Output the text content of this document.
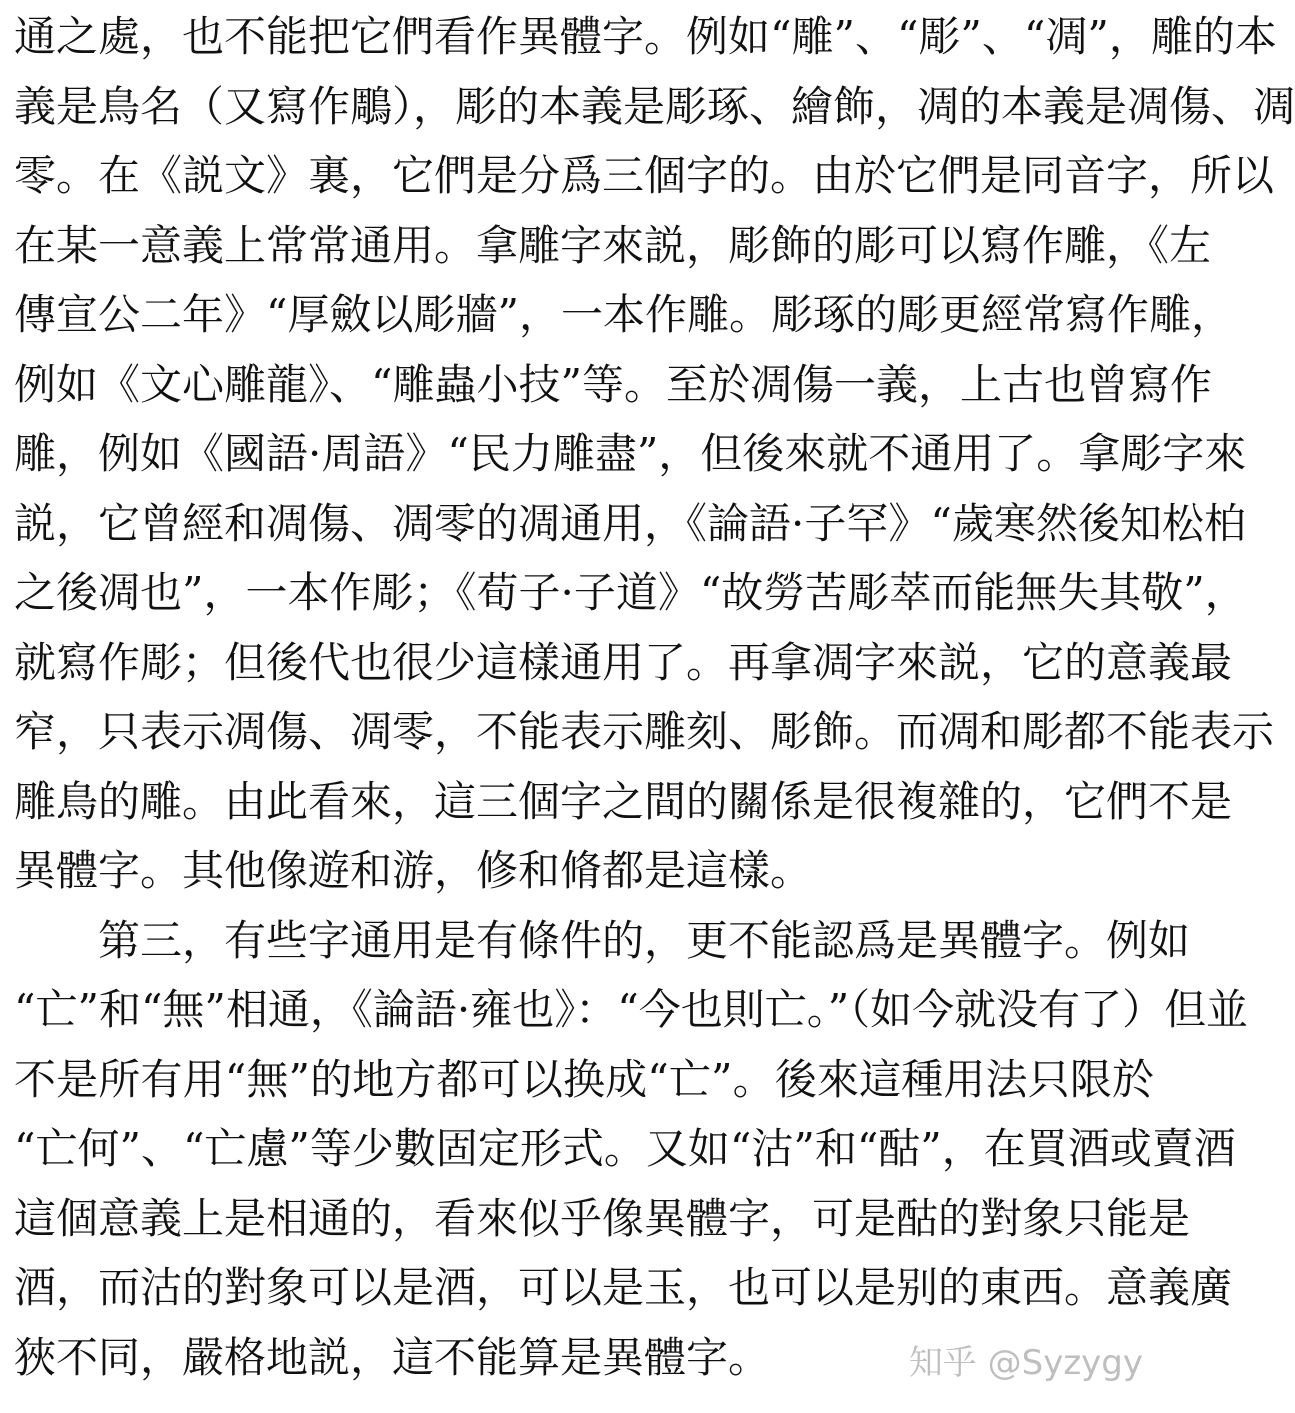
通之處，也不能把它們看作異體字。例如“雕”、“彫”、“凋”，雕的本
義是鳥名（又寫作鵰），彫的本義是彫琢、繪飾，凋的本義是凋傷、凋
零。在《説文》裏，它們是分爲三個字的。由於它們是同音字，所以
在某一意義上常常通用。拿雕字來説，彫飾的彫可以寫作雕，《左
傳宣公二年》“厚斂以彫牆”，一本作雕。彫琢的彫更經常寫作雕，
例如《文心雕龍》、“雕蟲小技”等。至於凋傷一義，上古也曾寫作
雕，例如《國語·周語》“民力雕盡”，但後來就不通用了。拿彫字來
説，它曾經和凋傷、凋零的凋通用，《論語·子罕》“歲寒然後知松柏
之後凋也”，一本作彫；《荀子·子道》“故勞苦彫萃而能無失其敬”，
就寫作彫；但後代也很少這樣通用了。再拿凋字來説，它的意義最
窄，只表示凋傷、凋零，不能表示雕刻、彫飾。而凋和彫都不能表示
雕鳥的雕。由此看來，這三個字之間的關係是很複雜的，它們不是
異體字。其他像遊和游，修和脩都是這樣。
第三，有些字通用是有條件的，更不能認爲是異體字。例如
“亡”和“無”相通，《論語·雍也》：“今也則亡。”（如今就没有了）但並
不是所有用“無”的地方都可以换成“亡”。後來這種用法只限於
“亡何”、“亡慮”等少數固定形式。又如“沽”和“酤”，在買酒或賣酒
這個意義上是相通的，看來似乎像異體字，可是酤的對象只能是
酒，而沽的對象可以是酒，可以是玉，也可以是别的東西。意義廣
狹不同，嚴格地説，這不能算是異體字。	知乎 @Syzygy
